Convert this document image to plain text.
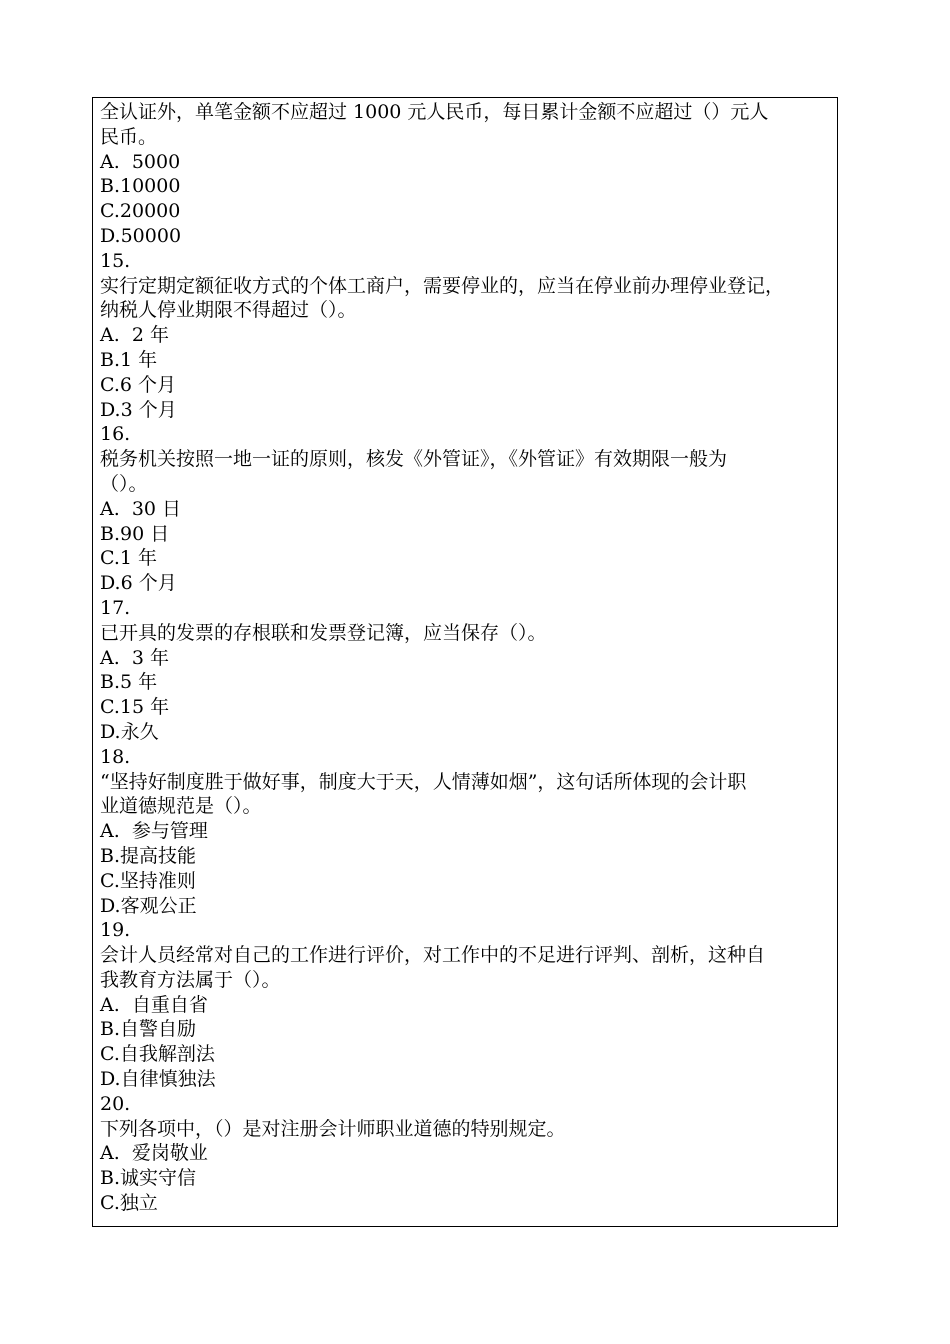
全认证外，单笔金额不应超过 1000 元人民币，每日累计金额不应超过（）元人
民币。
A.  5000
B.10000
C.20000
D.50000
15.
实行定期定额征收方式的个体工商户，需要停业的，应当在停业前办理停业登记，
纳税人停业期限不得超过（）。
A.  2 年
B.1 年
C.6 个月
D.3 个月
16.
税务机关按照一地一证的原则，核发《外管证》，《外管证》有效期限一般为
（）。
A.  30 日
B.90 日
C.1 年
D.6 个月
17.
已开具的发票的存根联和发票登记簿，应当保存（）。
A.  3 年
B.5 年
C.15 年
D.永久
18.
“坚持好制度胜于做好事，制度大于天，人情薄如烟”，这句话所体现的会计职
业道德规范是（）。
A.  参与管理
B.提高技能
C.坚持准则
D.客观公正
19.
会计人员经常对自己的工作进行评价，对工作中的不足进行评判、剖析，这种自
我教育方法属于（）。
A.  自重自省
B.自警自励
C.自我解剖法
D.自律慎独法
20.
下列各项中，（）是对注册会计师职业道德的特别规定。
A.  爱岗敬业
B.诚实守信
C.独立
